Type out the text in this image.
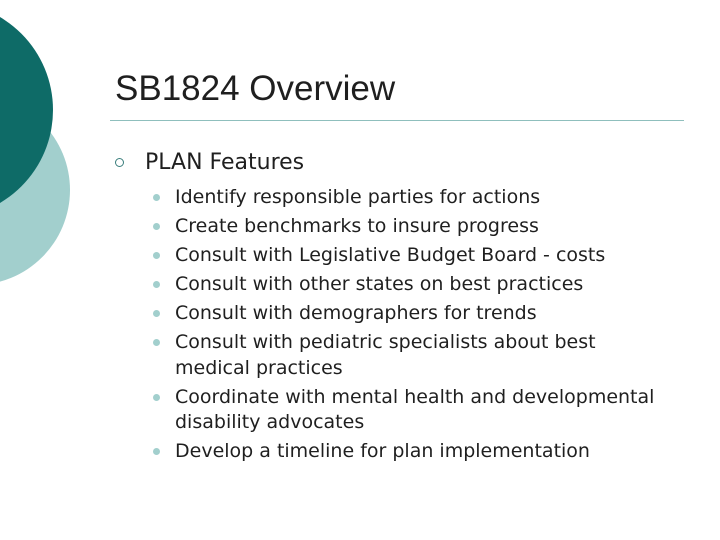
SB1824 Overview
PLAN Features
Identify responsible parties for actions
Create benchmarks to insure progress
Consult with Legislative Budget Board - costs
Consult with other states on best practices
Consult with demographers for trends
Consult with pediatric specialists about best medical practices
Coordinate with mental health and developmental disability advocates
Develop a timeline for plan implementation
